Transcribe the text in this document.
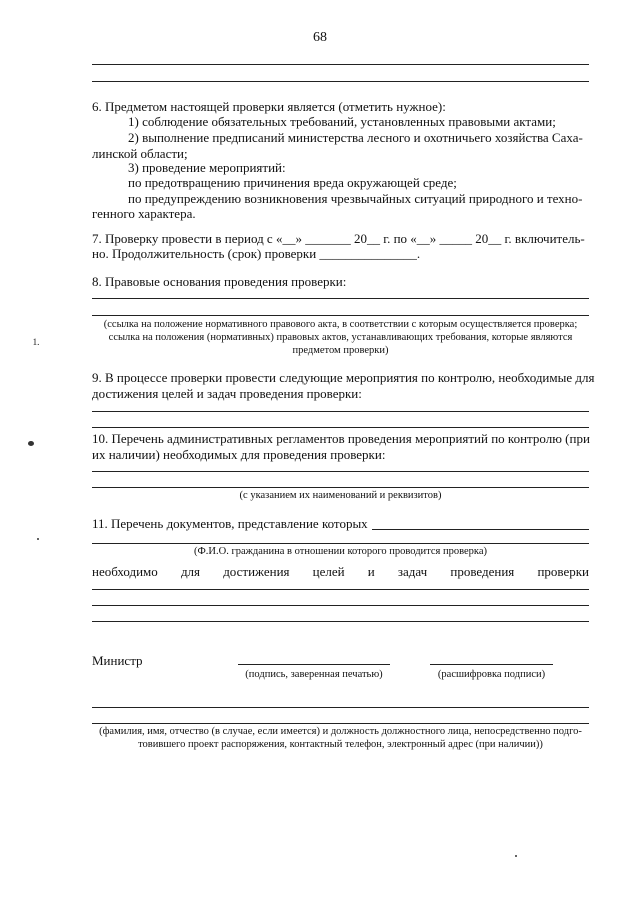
68
6. Предметом настоящей проверки является (отметить нужное):
1) соблюдение обязательных требований, установленных правовыми актами;
2) выполнение предписаний министерства лесного и охотничьего хозяйства Саха-
линской области;
3) проведение мероприятий:
по предотвращению причинения вреда окружающей среде;
по предупреждению возникновения чрезвычайных ситуаций природного и техно-
генного характера.
7. Проверку провести в период с «__» _______ 20__ г. по «__» _____ 20__ г. включитель-
но. Продолжительность (срок) проверки _______________.
8. Правовые основания проведения проверки:
(ссылка на положение нормативного правового акта, в соответствии с которым осуществляется проверка;
ссылка на положения (нормативных) правовых актов, устанавливающих требования, которые являются
предметом проверки)
9. В процессе проверки провести следующие мероприятия по контролю, необходимые для
достижения целей и задач проведения проверки:
10. Перечень административных регламентов проведения мероприятий по контролю (при
их наличии) необходимых для проведения проверки:
(с указанием их наименований и реквизитов)
11. Перечень документов, представление которых
(Ф.И.О. гражданина в отношении которого проводится проверка)
необходимо для достижения целей и задач проведения проверки
Министр
(подпись, заверенная печатью)	(расшифровка подписи)
(фамилия, имя, отчество (в случае, если имеется) и должность должностного лица, непосредственно подго-
товившего проект распоряжения, контактный телефон, электронный адрес (при наличии))
1.
